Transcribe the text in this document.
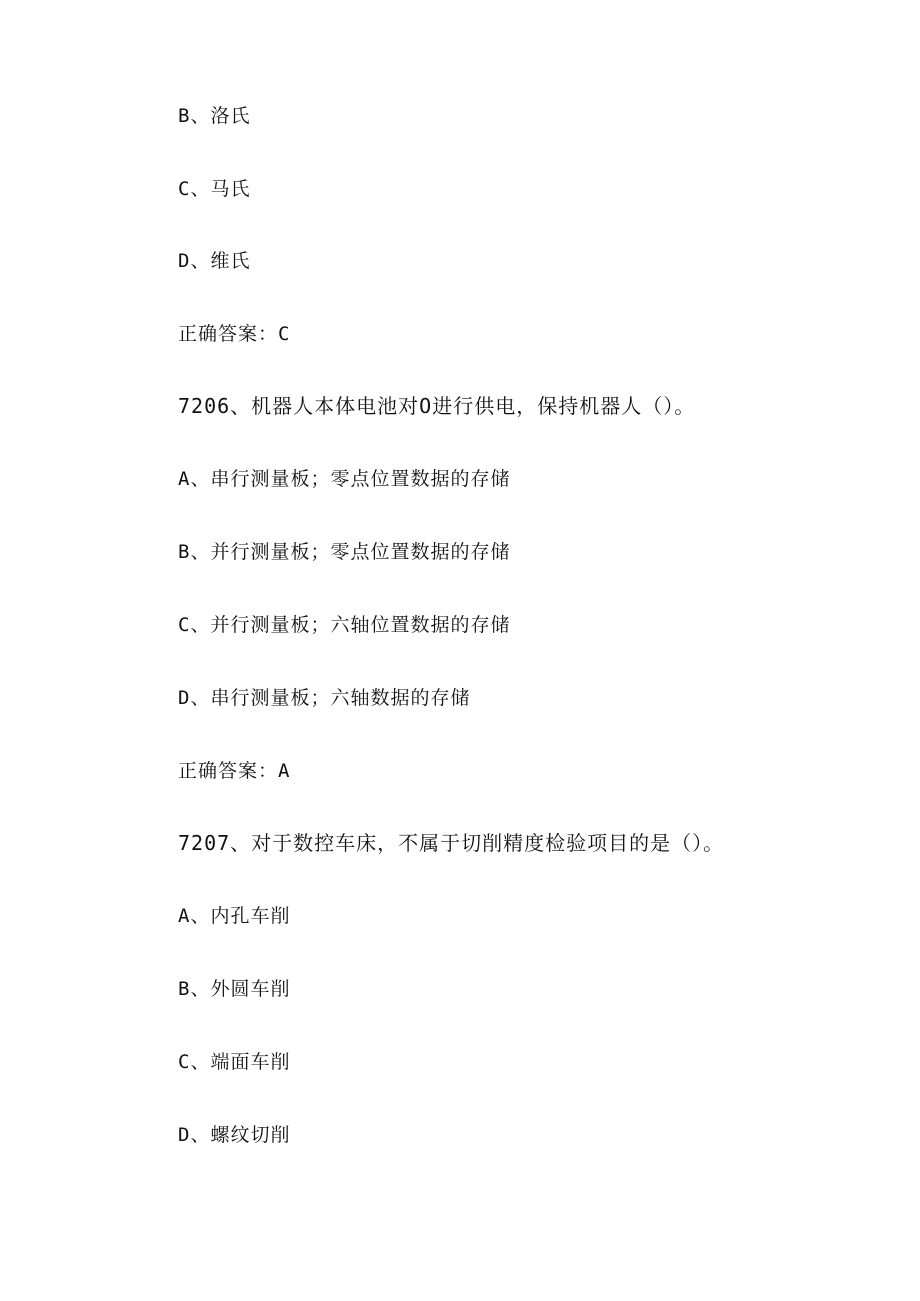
B、洛氏
C、马氏
D、维氏
正确答案：C
7206、机器人本体电池对O进行供电，保持机器人（）。
A、串行测量板；零点位置数据的存储
B、并行测量板；零点位置数据的存储
C、并行测量板；六轴位置数据的存储
D、串行测量板；六轴数据的存储
正确答案：A
7207、对于数控车床，不属于切削精度检验项目的是（）。
A、内孔车削
B、外圆车削
C、端面车削
D、螺纹切削
